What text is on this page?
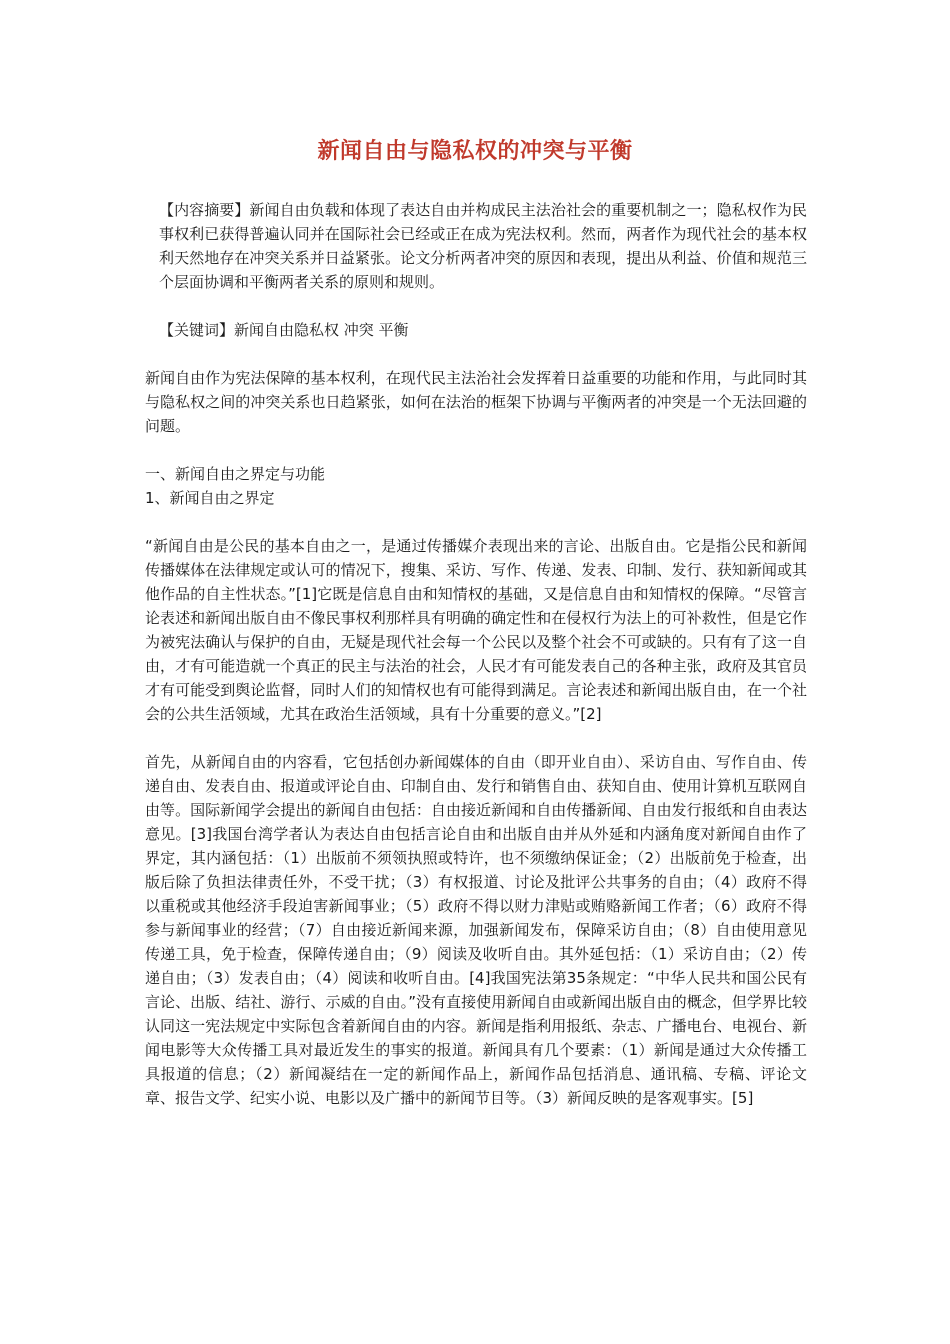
新闻自由与隐私权的冲突与平衡

【内容摘要】新闻自由负载和体现了表达自由并构成民主法治社会的重要机制之一；隐私权作为民事权利已获得普遍认同并在国际社会已经或正在成为宪法权利。然而，两者作为现代社会的基本权利天然地存在冲突关系并日益紧张。论文分析两者冲突的原因和表现，提出从利益、价值和规范三个层面协调和平衡两者关系的原则和规则。

【关键词】新闻自由隐私权 冲突 平衡

新闻自由作为宪法保障的基本权利，在现代民主法治社会发挥着日益重要的功能和作用，与此同时其与隐私权之间的冲突关系也日趋紧张，如何在法治的框架下协调与平衡两者的冲突是一个无法回避的问题。

一、新闻自由之界定与功能
1、新闻自由之界定

“新闻自由是公民的基本自由之一，是通过传播媒介表现出来的言论、出版自由。它是指公民和新闻传播媒体在法律规定或认可的情况下，搜集、采访、写作、传递、发表、印制、发行、获知新闻或其他作品的自主性状态。”[1]它既是信息自由和知情权的基础，又是信息自由和知情权的保障。“尽管言论表述和新闻出版自由不像民事权利那样具有明确的确定性和在侵权行为法上的可补救性，但是它作为被宪法确认与保护的自由，无疑是现代社会每一个公民以及整个社会不可或缺的。只有有了这一自由，才有可能造就一个真正的民主与法治的社会，人民才有可能发表自己的各种主张，政府及其官员才有可能受到舆论监督，同时人们的知情权也有可能得到满足。言论表述和新闻出版自由，在一个社会的公共生活领域，尤其在政治生活领域，具有十分重要的意义。”[2]

首先，从新闻自由的内容看，它包括创办新闻媒体的自由（即开业自由）、采访自由、写作自由、传递自由、发表自由、报道或评论自由、印制自由、发行和销售自由、获知自由、使用计算机互联网自由等。国际新闻学会提出的新闻自由包括：自由接近新闻和自由传播新闻、自由发行报纸和自由表达意见。[3]我国台湾学者认为表达自由包括言论自由和出版自由并从外延和内涵角度对新闻自由作了界定，其内涵包括：（1）出版前不须领执照或特许，也不须缴纳保证金；（2）出版前免于检查，出版后除了负担法律责任外，不受干扰；（3）有权报道、讨论及批评公共事务的自由；（4）政府不得以重税或其他经济手段迫害新闻事业；（5）政府不得以财力津贴或贿赂新闻工作者；（6）政府不得参与新闻事业的经营；（7）自由接近新闻来源，加强新闻发布，保障采访自由；（8）自由使用意见传递工具，免于检查，保障传递自由；（9）阅读及收听自由。其外延包括：（1）采访自由；（2）传递自由；（3）发表自由；（4）阅读和收听自由。[4]我国宪法第35条规定：“中华人民共和国公民有言论、出版、结社、游行、示威的自由。”没有直接使用新闻自由或新闻出版自由的概念，但学界比较认同这一宪法规定中实际包含着新闻自由的内容。新闻是指利用报纸、杂志、广播电台、电视台、新闻电影等大众传播工具对最近发生的事实的报道。新闻具有几个要素：（1）新闻是通过大众传播工具报道的信息；（2）新闻凝结在一定的新闻作品上，新闻作品包括消息、通讯稿、专稿、评论文章、报告文学、纪实小说、电影以及广播中的新闻节目等。（3）新闻反映的是客观事实。[5]
